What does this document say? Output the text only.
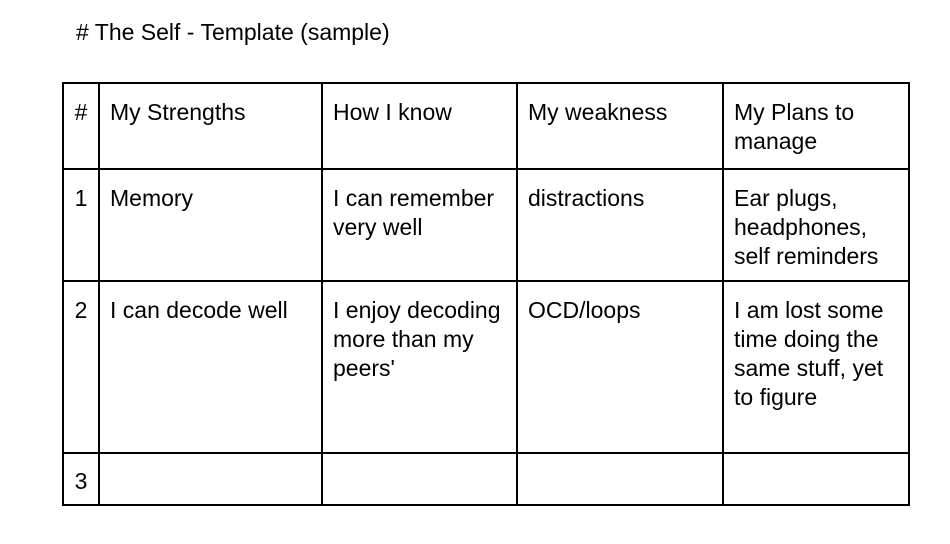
# The Self - Template (sample)
#	My Strengths	How I know	My weakness	My Plans to manage
1	Memory	I can remember very well	distractions	Ear plugs, headphones, self reminders
2	I can decode well	I enjoy decoding more than my peers'	OCD/loops	I am lost some time doing the same stuff, yet to figure
3				
